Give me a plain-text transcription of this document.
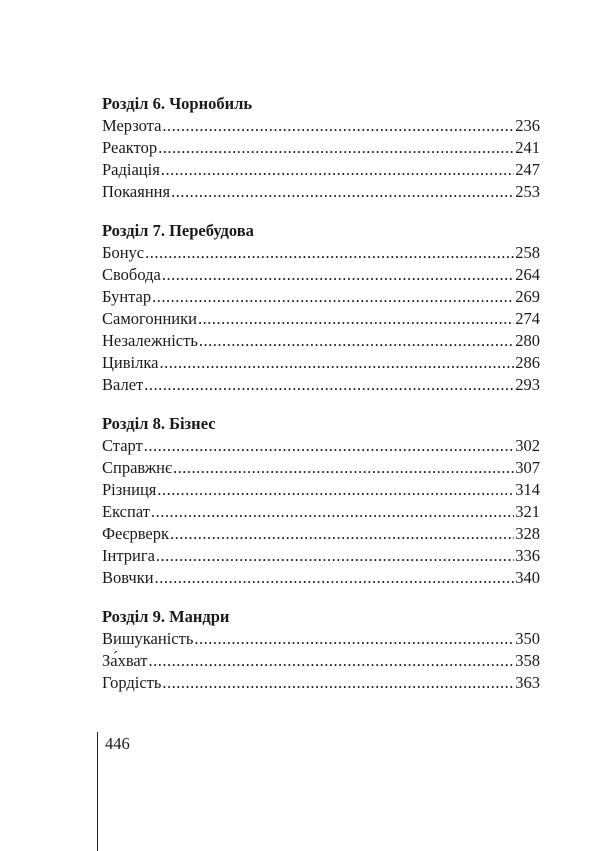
Розділ 6. Чорнобиль
Мерзота .....	236
Реактор .....	241
Радіація .....	247
Покаяння .....	253
Розділ 7. Перебудова
Бонус .....	258
Свобода .....	264
Бунтар .....	269
Самогонники .....	274
Незалежність .....	280
Цивілка .....	286
Валет .....	293
Розділ 8. Бізнес
Старт .....	302
Справжнє .....	307
Різниця .....	314
Експат .....	321
Феєрверк .....	328
Інтрига .....	336
Вовчки .....	340
Розділ 9. Мандри
Вишуканість .....	350
За́хват .....	358
Гордість .....	363
446
